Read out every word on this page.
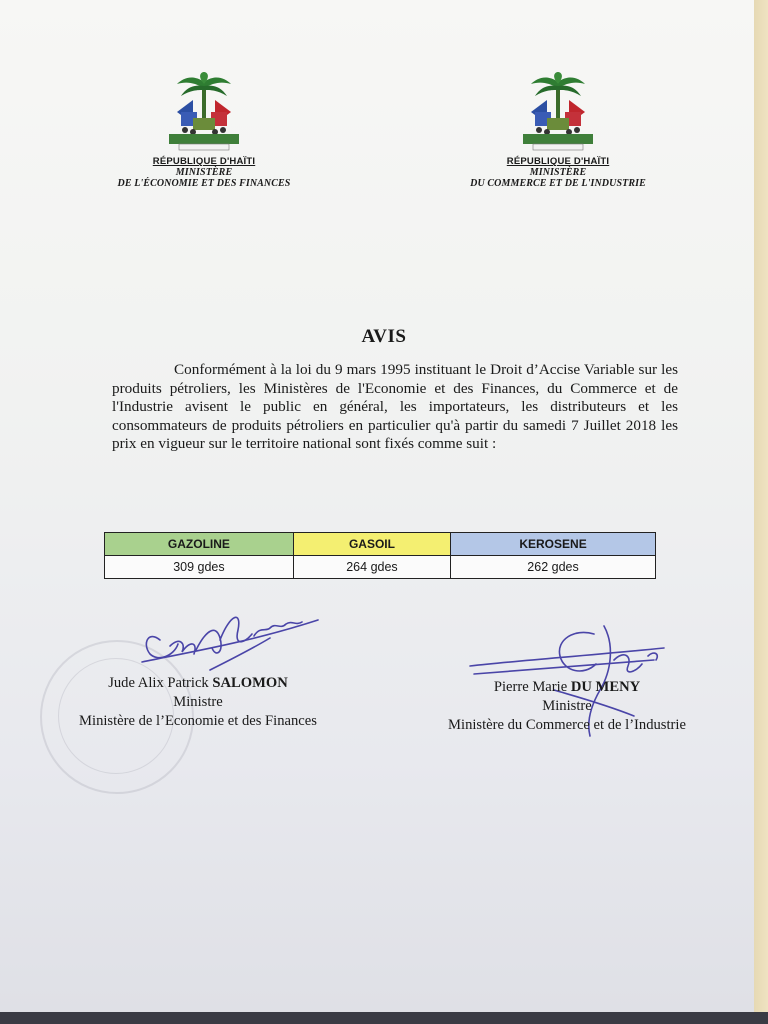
RÉPUBLIQUE D'HAÏTI
MINISTÈRE
DE L'ÉCONOMIE ET DES FINANCES
RÉPUBLIQUE D'HAÏTI
MINISTÈRE
DU COMMERCE ET DE L'INDUSTRIE
AVIS
Conformément à la loi du 9 mars 1995 instituant le Droit d’Accise Variable sur les produits pétroliers, les Ministères de l'Economie et des Finances, du Commerce et de l'Industrie avisent le public en général, les importateurs, les distributeurs et les consommateurs de produits pétroliers en particulier qu'à partir du samedi 7 Juillet 2018 les prix en vigueur sur le territoire national sont fixés comme suit :
GAZOLINE	GASOIL	KEROSENE
309 gdes	264 gdes	262 gdes
Jude Alix Patrick SALOMON
Ministre
Ministère de l’Economie et des Finances
Pierre Marie DU MENY
Ministre
Ministère du Commerce et de l’Industrie
